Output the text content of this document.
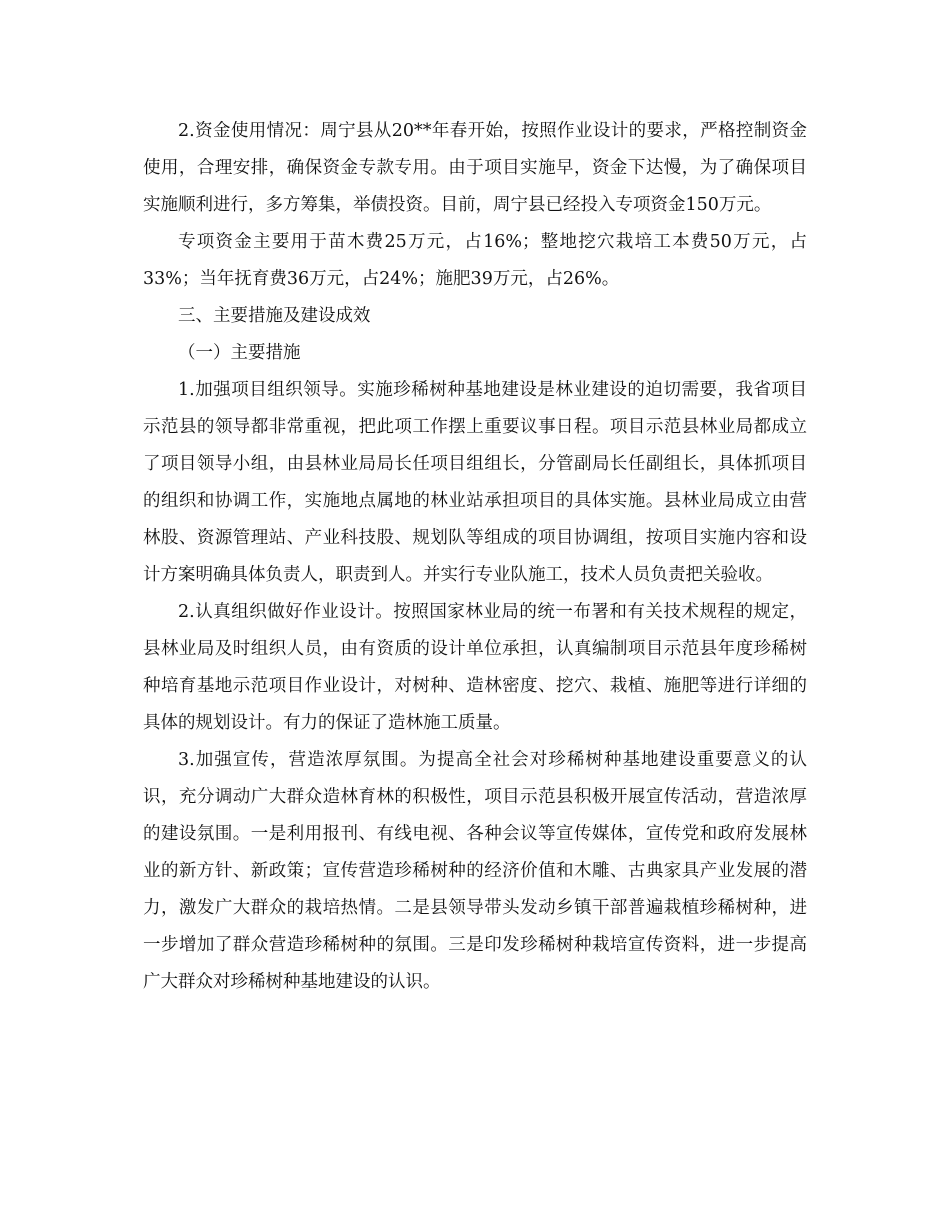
2.资金使用情况：周宁县从20**年春开始，按照作业设计的要求，严格控制资金使用，合理安排，确保资金专款专用。由于项目实施早，资金下达慢，为了确保项目实施顺利进行，多方筹集，举债投资。目前，周宁县已经投入专项资金150万元。

专项资金主要用于苗木费25万元，占16%；整地挖穴栽培工本费50万元，占33%；当年抚育费36万元，占24%；施肥39万元，占26%。

三、主要措施及建设成效

（一）主要措施

1.加强项目组织领导。实施珍稀树种基地建设是林业建设的迫切需要，我省项目示范县的领导都非常重视，把此项工作摆上重要议事日程。项目示范县林业局都成立了项目领导小组，由县林业局局长任项目组组长，分管副局长任副组长，具体抓项目的组织和协调工作，实施地点属地的林业站承担项目的具体实施。县林业局成立由营林股、资源管理站、产业科技股、规划队等组成的项目协调组，按项目实施内容和设计方案明确具体负责人，职责到人。并实行专业队施工，技术人员负责把关验收。

2.认真组织做好作业设计。按照国家林业局的统一布署和有关技术规程的规定，县林业局及时组织人员，由有资质的设计单位承担，认真编制项目示范县年度珍稀树种培育基地示范项目作业设计，对树种、造林密度、挖穴、栽植、施肥等进行详细的具体的规划设计。有力的保证了造林施工质量。

3.加强宣传，营造浓厚氛围。为提高全社会对珍稀树种基地建设重要意义的认识，充分调动广大群众造林育林的积极性，项目示范县积极开展宣传活动，营造浓厚的建设氛围。一是利用报刊、有线电视、各种会议等宣传媒体，宣传党和政府发展林业的新方针、新政策；宣传营造珍稀树种的经济价值和木雕、古典家具产业发展的潜力，激发广大群众的栽培热情。二是县领导带头发动乡镇干部普遍栽植珍稀树种，进一步增加了群众营造珍稀树种的氛围。三是印发珍稀树种栽培宣传资料，进一步提高广大群众对珍稀树种基地建设的认识。
